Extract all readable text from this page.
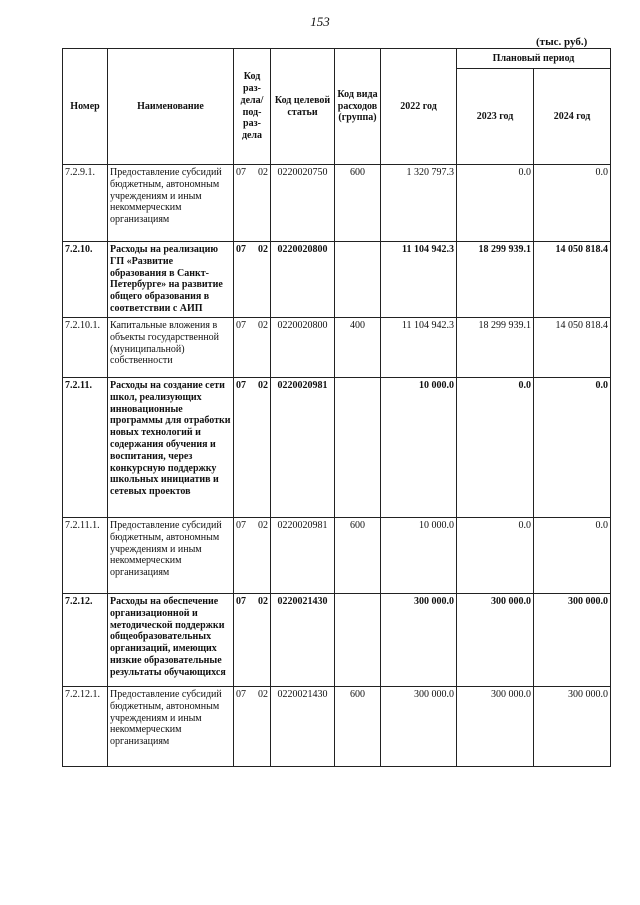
153
(тыс. руб.)
Номер	Наименование	Код раз-дела/ под-раз-дела	Код целевой статьи	Код вида расходов (группа)	2022 год	Плановый период	
						2023 год	2024 год
7.2.9.1.	Предоставление субсидий бюджетным, автономным учреждениям и иным некоммерческим организациям	07 02	0220020750	600	1 320 797.3	0.0	0.0
7.2.10.	Расходы на реализацию ГП «Развитие образования в Санкт-Петербурге» на развитие общего образования в соответствии с АИП	07 02	0220020800		11 104 942.3	18 299 939.1	14 050 818.4
7.2.10.1.	Капитальные вложения в объекты государственной (муниципальной) собственности	07 02	0220020800	400	11 104 942.3	18 299 939.1	14 050 818.4
7.2.11.	Расходы на создание сети школ, реализующих инновационные программы для отработки новых технологий и содержания обучения и воспитания, через конкурсную поддержку школьных инициатив и сетевых проектов	07 02	0220020981		10 000.0	0.0	0.0
7.2.11.1.	Предоставление субсидий бюджетным, автономным учреждениям и иным некоммерческим организациям	07 02	0220020981	600	10 000.0	0.0	0.0
7.2.12.	Расходы на обеспечение организационной и методической поддержки общеобразовательных организаций, имеющих низкие образовательные результаты обучающихся	07 02	0220021430		300 000.0	300 000.0	300 000.0
7.2.12.1.	Предоставление субсидий бюджетным, автономным учреждениям и иным некоммерческим организациям	07 02	0220021430	600	300 000.0	300 000.0	300 000.0
